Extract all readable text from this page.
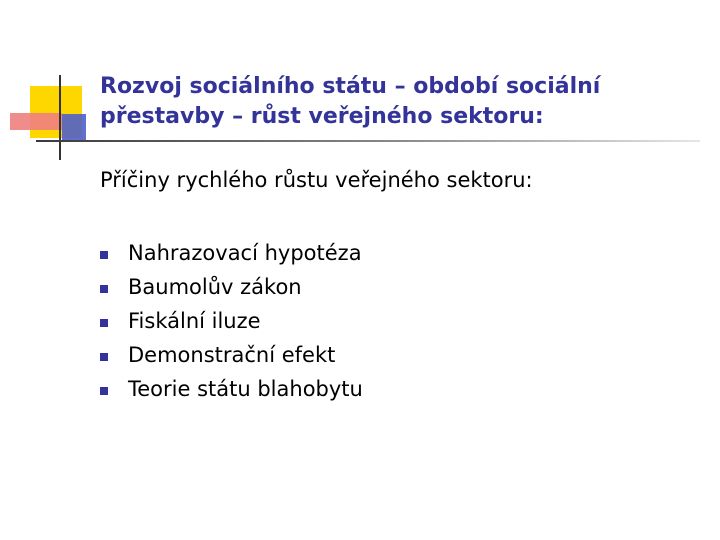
Rozvoj sociálního státu – období sociální přestavby – růst veřejného sektoru:

Příčiny rychlého růstu veřejného sektoru:

Nahrazovací hypotéza
Baumolův zákon
Fiskální iluze
Demonstrační efekt
Teorie státu blahobytu
